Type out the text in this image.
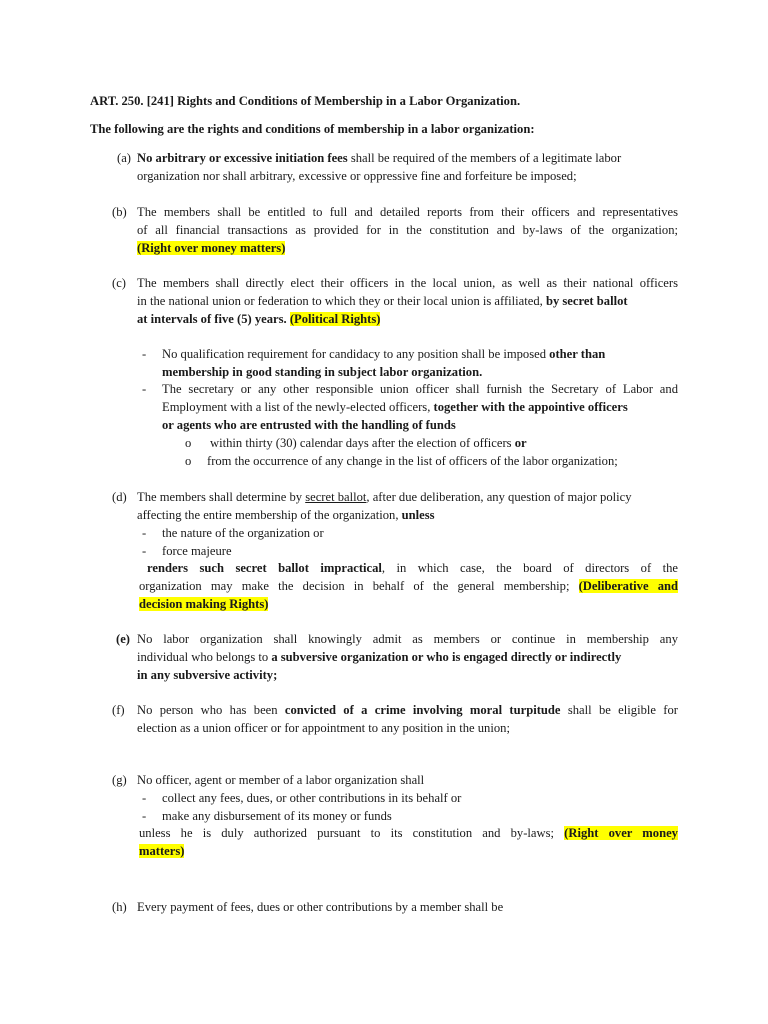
ART. 250. [241] Rights and Conditions of Membership in a Labor Organization.
The following are the rights and conditions of membership in a labor organization:
(a) No arbitrary or excessive initiation fees shall be required of the members of a legitimate labor
organization nor shall arbitrary, excessive or oppressive fine and forfeiture be imposed;
(b) The members shall be entitled to full and detailed reports from their officers and representatives
of all financial transactions as provided for in the constitution and by-laws of the organization;
(Right over money matters)
(c) The members shall directly elect their officers in the local union, as well as their national officers
in the national union or federation to which they or their local union is affiliated, by secret ballot
at intervals of five (5) years. (Political Rights)
- No qualification requirement for candidacy to any position shall be imposed other than
membership in good standing in subject labor organization.
- The secretary or any other responsible union officer shall furnish the Secretary of Labor and
Employment with a list of the newly-elected officers, together with the appointive officers
or agents who are entrusted with the handling of funds
o within thirty (30) calendar days after the election of officers or
o from the occurrence of any change in the list of officers of the labor organization;
(d) The members shall determine by secret ballot, after due deliberation, any question of major policy
affecting the entire membership of the organization, unless
- the nature of the organization or
- force majeure
renders such secret ballot impractical, in which case, the board of directors of the
organization may make the decision in behalf of the general membership; (Deliberative and
decision making Rights)
(e) No labor organization shall knowingly admit as members or continue in membership any
individual who belongs to a subversive organization or who is engaged directly or indirectly
in any subversive activity;
(f) No person who has been convicted of a crime involving moral turpitude shall be eligible for
election as a union officer or for appointment to any position in the union;
(g) No officer, agent or member of a labor organization shall
- collect any fees, dues, or other contributions in its behalf or
- make any disbursement of its money or funds
unless he is duly authorized pursuant to its constitution and by-laws; (Right over money
matters)
(h) Every payment of fees, dues or other contributions by a member shall be
